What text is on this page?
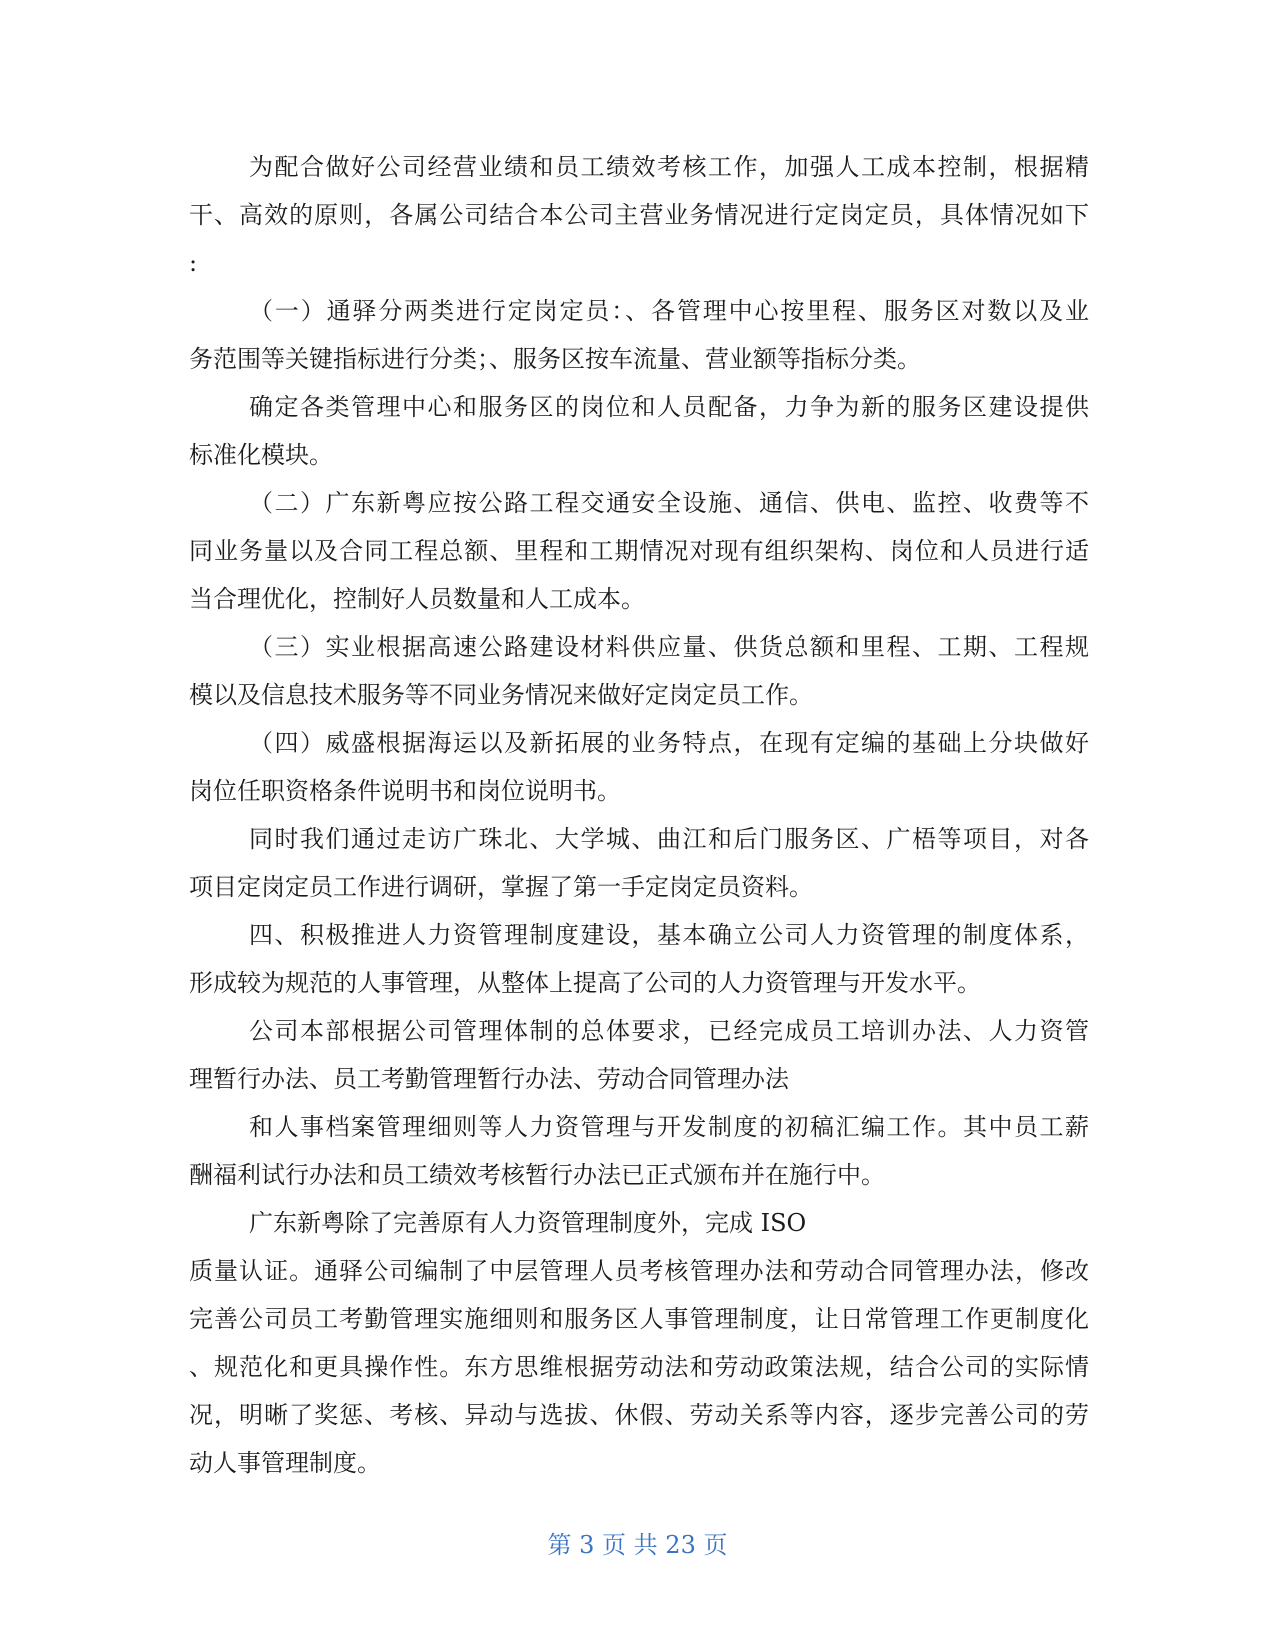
为配合做好公司经营业绩和员工绩效考核工作，加强人工成本控制，根据精
干、高效的原则，各属公司结合本公司主营业务情况进行定岗定员，具体情况如下
:
（一）通驿分两类进行定岗定员：、各管理中心按里程、服务区对数以及业
务范围等关键指标进行分类；、服务区按车流量、营业额等指标分类。
确定各类管理中心和服务区的岗位和人员配备，力争为新的服务区建设提供
标准化模块。
（二）广东新粤应按公路工程交通安全设施、通信、供电、监控、收费等不
同业务量以及合同工程总额、里程和工期情况对现有组织架构、岗位和人员进行适
当合理优化，控制好人员数量和人工成本。
（三）实业根据高速公路建设材料供应量、供货总额和里程、工期、工程规
模以及信息技术服务等不同业务情况来做好定岗定员工作。
（四）威盛根据海运以及新拓展的业务特点，在现有定编的基础上分块做好
岗位任职资格条件说明书和岗位说明书。
同时我们通过走访广珠北、大学城、曲江和后门服务区、广梧等项目，对各
项目定岗定员工作进行调研，掌握了第一手定岗定员资料。
四、积极推进人力资管理制度建设，基本确立公司人力资管理的制度体系，
形成较为规范的人事管理，从整体上提高了公司的人力资管理与开发水平。
公司本部根据公司管理体制的总体要求，已经完成员工培训办法、人力资管
理暂行办法、员工考勤管理暂行办法、劳动合同管理办法
和人事档案管理细则等人力资管理与开发制度的初稿汇编工作。其中员工薪
酬福利试行办法和员工绩效考核暂行办法已正式颁布并在施行中。
广东新粤除了完善原有人力资管理制度外，完成 ISO
质量认证。通驿公司编制了中层管理人员考核管理办法和劳动合同管理办法，修改
完善公司员工考勤管理实施细则和服务区人事管理制度，让日常管理工作更制度化
、规范化和更具操作性。东方思维根据劳动法和劳动政策法规，结合公司的实际情
况，明晰了奖惩、考核、异动与选拔、休假、劳动关系等内容，逐步完善公司的劳
动人事管理制度。
第 3 页 共 23 页
